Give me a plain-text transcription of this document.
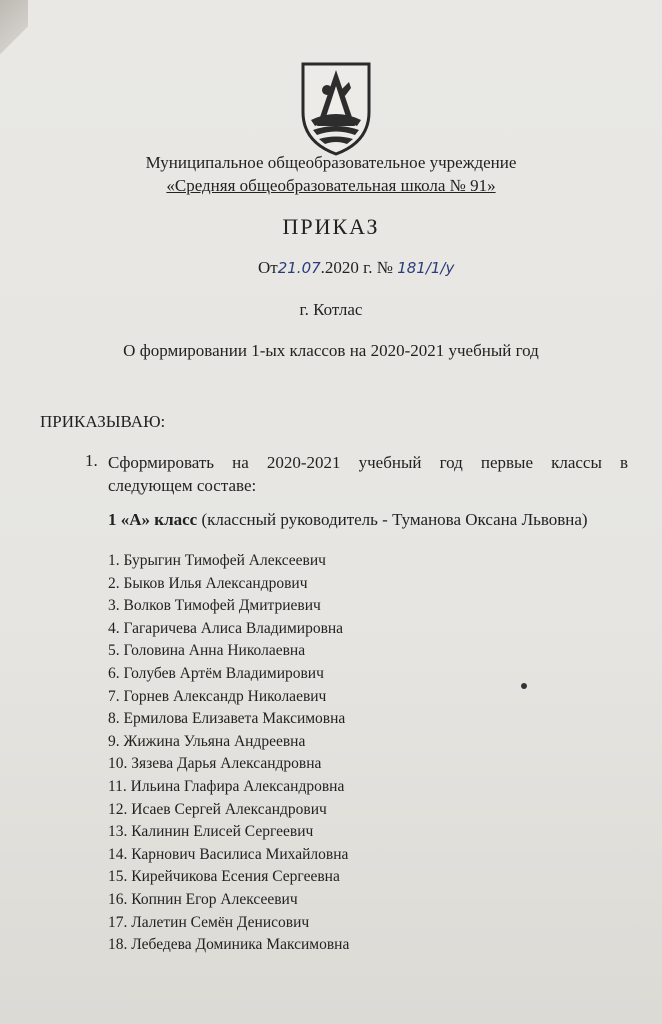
Муниципальное общеобразовательное учреждение
«Средняя общеобразовательная школа № 91»
ПРИКАЗ
От21.07.2020 г. № 181/1/у
г. Котлас
О формировании 1-ых классов на 2020-2021 учебный год
ПРИКАЗЫВАЮ:
1. Сформировать на 2020-2021 учебный год первые классы в
следующем составе:
1 «А» класс (классный руководитель - Туманова Оксана Львовна)
1. Бурыгин Тимофей Алексеевич
2. Быков Илья Александрович
3. Волков Тимофей Дмитриевич
4. Гагаричева Алиса Владимировна
5. Головина Анна Николаевна
6. Голубев Артём Владимирович
7. Горнев Александр Николаевич
8. Ермилова Елизавета Максимовна
9. Жижина Ульяна Андреевна
10. Зязева Дарья Александровна
11. Ильина Глафира Александровна
12. Исаев Сергей Александрович
13. Калинин Елисей Сергеевич
14. Карнович Василиса Михайловна
15. Кирейчикова Есения Сергеевна
16. Копнин Егор Алексеевич
17. Лалетин Семён Денисович
18. Лебедева Доминика Максимовна
